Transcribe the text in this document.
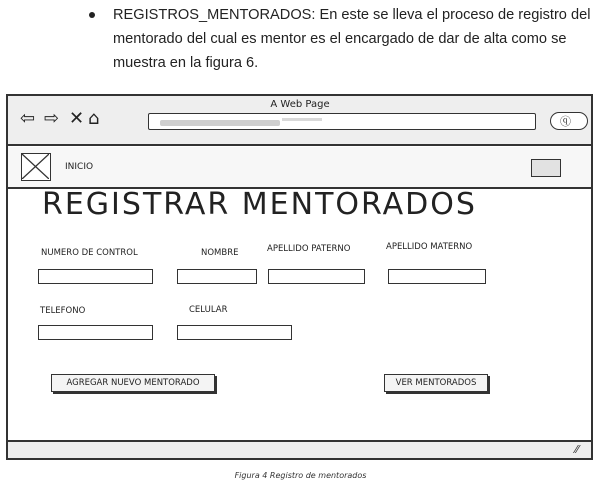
REGISTROS_MENTORADOS: En este se lleva el proceso de registro del mentorado del cual es mentor es el encargado de dar de alta como se muestra en la figura 6.
A Web Page
⇦ ⇨ ✕ ⌂	ⓠ
INICIO
REGISTRAR MENTORADOS
NUMERO DE CONTROL	NOMBRE	APELLIDO PATERNO	APELLIDO MATERNO
TELEFONO	CELULAR
AGREGAR NUEVO MENTORADO	VER MENTORADOS
⁄⁄
Figura 4 Registro de mentorados
